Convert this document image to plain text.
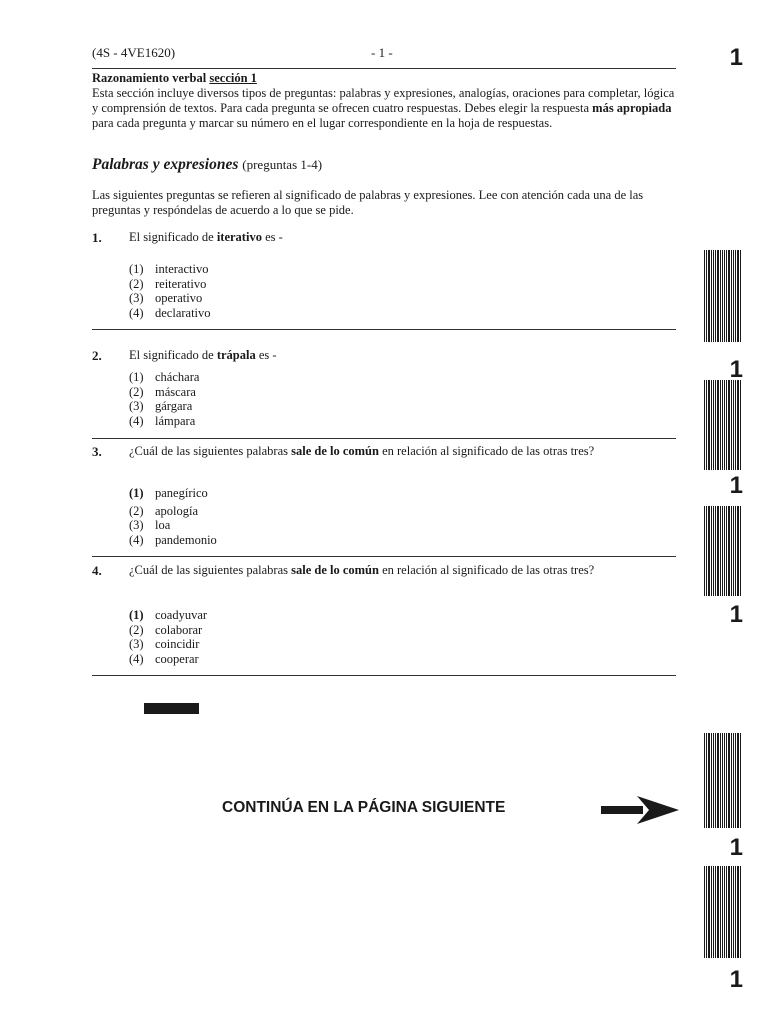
(4S - 4VE1620)	- 1 -	1
Razonamiento verbal sección 1
Esta sección incluye diversos tipos de preguntas: palabras y expresiones, analogías, oraciones para completar, lógica y comprensión de textos. Para cada pregunta se ofrecen cuatro respuestas. Debes elegir la respuesta más apropiada para cada pregunta y marcar su número en el lugar correspondiente en la hoja de respuestas.
Palabras y expresiones (preguntas 1-4)
Las siguientes preguntas se refieren al significado de palabras y expresiones. Lee con atención cada una de las preguntas y respóndelas de acuerdo a lo que se pide.
1. El significado de iterativo es -
(1) interactivo
(2) reiterativo
(3) operativo
(4) declarativo
2. El significado de trápala es -
(1) cháchara
(2) máscara
(3) gárgara
(4) lámpara
3. ¿Cuál de las siguientes palabras sale de lo común en relación al significado de las otras tres?
(1) panegírico
(2) apología
(3) loa
(4) pandemonio
4. ¿Cuál de las siguientes palabras sale de lo común en relación al significado de las otras tres?
(1) coadyuvar
(2) colaborar
(3) coincidir
(4) cooperar
CONTINÚA EN LA PÁGINA SIGUIENTE
1
1
1
1
1
